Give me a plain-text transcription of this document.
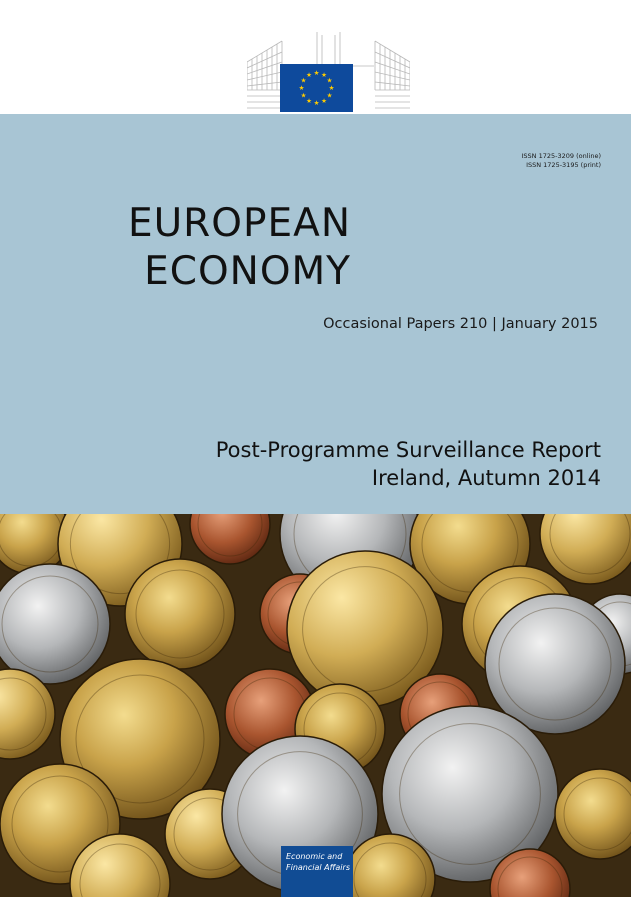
★ ★
★
★
★
★
★
★
★
★
★
★
ISSN 1725-3209 (online)
ISSN 1725-3195 (print)
EUROPEAN
ECONOMY
Occasional Papers 210 | January 2015
Post-Programme Surveillance Report
Ireland, Autumn 2014
Economic and
Financial Affairs
